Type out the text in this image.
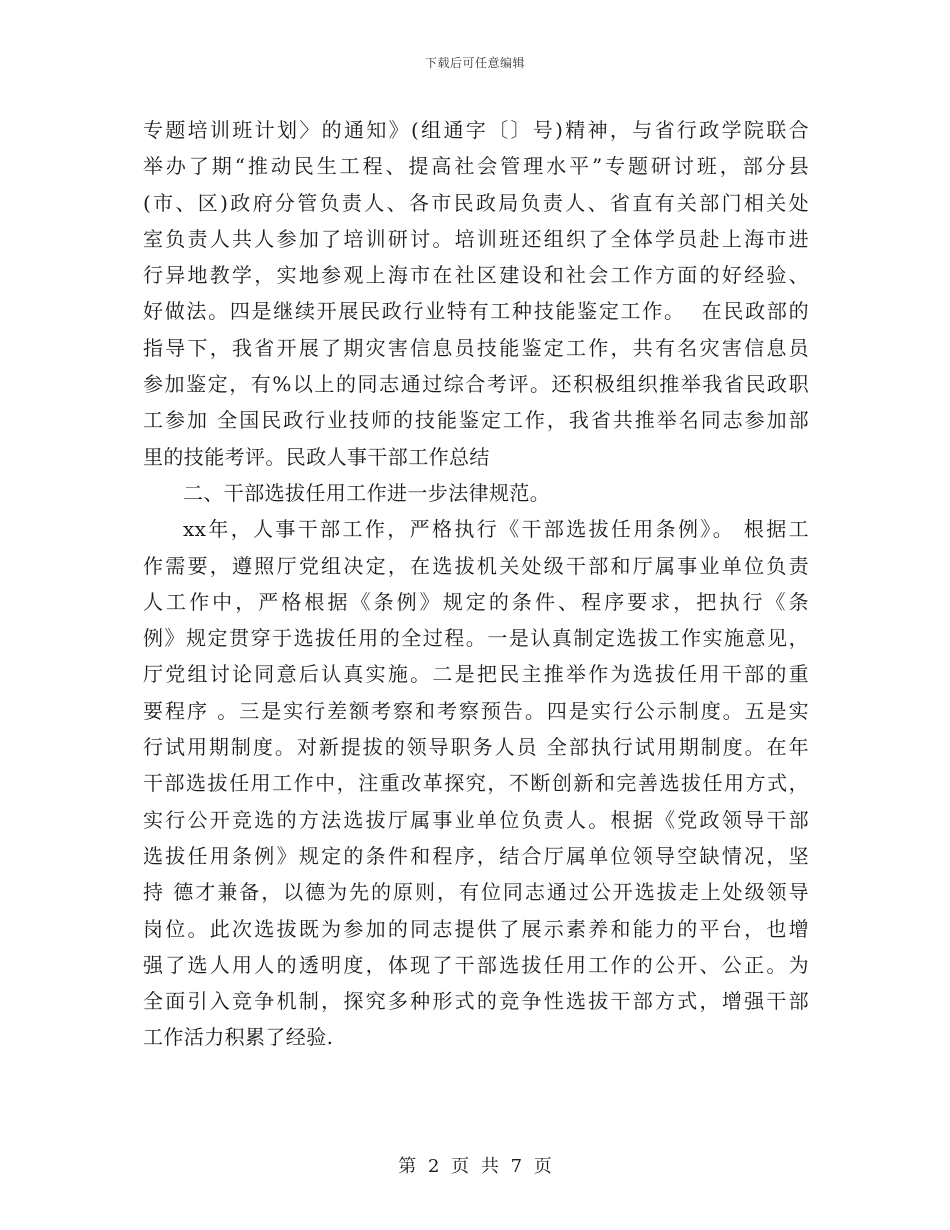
下载后可任意编辑
专题培训班计划〉的通知》(组通字〔〕号)精神，与省行政学院联合
举办了期“推动民生工程、提高社会管理水平”专题研讨班，部分县
(市、区)政府分管负责人、各市民政局负责人、省直有关部门相关处
室负责人共人参加了培训研讨。培训班还组织了全体学员赴上海市进
行异地教学，实地参观上海市在社区建设和社会工作方面的好经验、
好做法。四是继续开展民政行业特有工种技能鉴定工作。  在民政部的
指导下，我省开展了期灾害信息员技能鉴定工作，共有名灾害信息员
参加鉴定，有%以上的同志通过综合考评。还积极组织推举我省民政职
工参加 全国民政行业技师的技能鉴定工作，我省共推举名同志参加部
里的技能考评。民政人事干部工作总结
二、干部选拔任用工作进一步法律规范。
xx年，人事干部工作，严格执行《干部选拔任用条例》。 根据工
作需要，遵照厅党组决定，在选拔机关处级干部和厅属事业单位负责
人工作中，严格根据《条例》规定的条件、程序要求，把执行《条
例》规定贯穿于选拔任用的全过程。一是认真制定选拔工作实施意见，
厅党组讨论同意后认真实施。二是把民主推举作为选拔任用干部的重
要程序 。三是实行差额考察和考察预告。四是实行公示制度。五是实
行试用期制度。对新提拔的领导职务人员 全部执行试用期制度。在年
干部选拔任用工作中，注重改革探究，不断创新和完善选拔任用方式，
实行公开竞选的方法选拔厅属事业单位负责人。根据《党政领导干部
选拔任用条例》规定的条件和程序，结合厅属单位领导空缺情况，坚
持 德才兼备，以德为先的原则，有位同志通过公开选拔走上处级领导
岗位。此次选拔既为参加的同志提供了展示素养和能力的平台，也增
强了选人用人的透明度，体现了干部选拔任用工作的公开、公正。为
全面引入竞争机制，探究多种形式的竞争性选拔干部方式，增强干部
工作活力积累了经验.
第 2 页 共 7 页
